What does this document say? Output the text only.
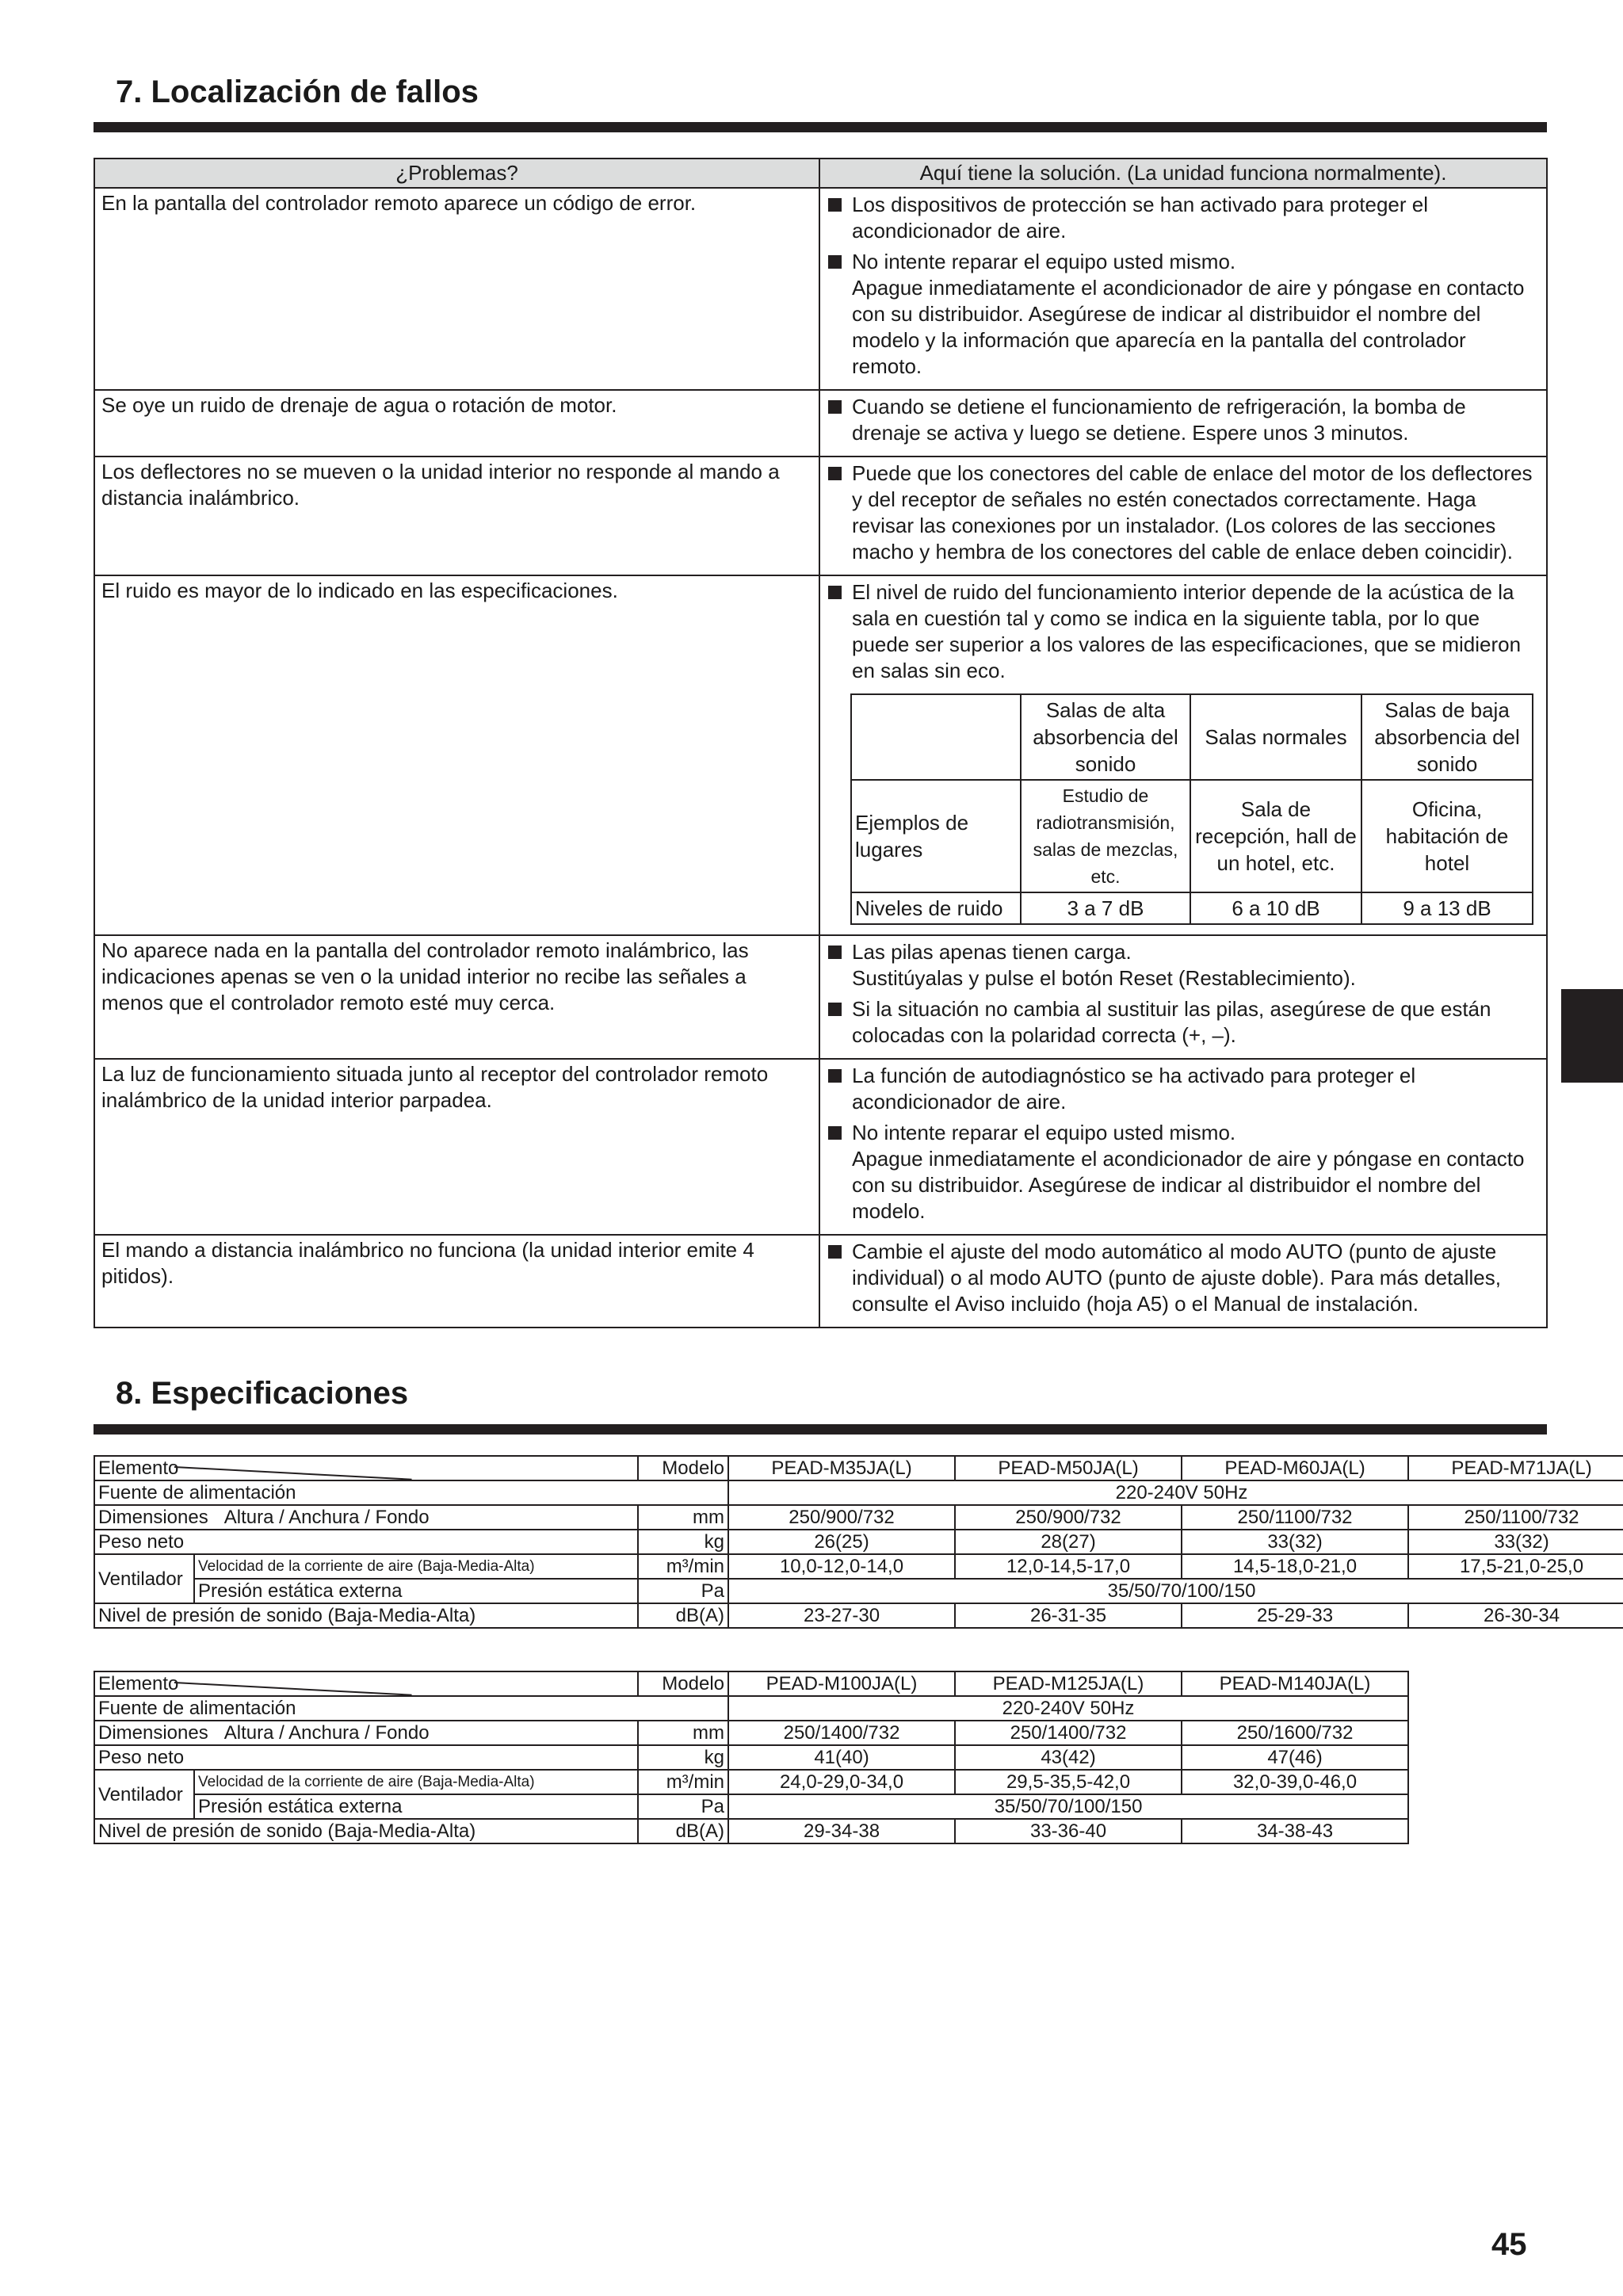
7. Localización de fallos
¿Problemas?	Aquí tiene la solución. (La unidad funciona normalmente).
En la pantalla del controlador remoto aparece un código de error.	Los dispositivos de protección se han activado para proteger el acondicionador de aire.
No intente reparar el equipo usted mismo.
Apague inmediatamente el acondicionador de aire y póngase en contacto con su distribuidor. Asegúrese de indicar al distribuidor el nombre del modelo y la información que aparecía en la pantalla del controlador remoto.

Se oye un ruido de drenaje de agua o rotación de motor.	Cuando se detiene el funcionamiento de refrigeración, la bomba de drenaje se activa y luego se detiene. Espere unos 3 minutos.

Los deflectores no se mueven o la unidad interior no responde al mando a distancia inalámbrico.	
Puede que los conectores del cable de enlace del motor de los deflectores y del receptor de señales no estén conectados correctamente. Haga revisar las conexiones por un instalador. (Los colores de las secciones macho y hembra de los conectores del cable de enlace deben coincidir).

El ruido es mayor de lo indicado en las especificaciones.	El nivel de ruido del funcionamiento interior depende de la acústica de la sala en cuestión tal y como se indica en la siguiente tabla, por lo que puede ser superior a los valores de las especificaciones, que se midieron en salas sin eco.
	Salas de alta absorbencia del sonido	Salas normales	Salas de baja absorbencia del sonido
Ejemplos de lugares	Estudio de radiotransmisión, salas de mezclas, etc.	Sala de recepción, hall de un hotel, etc.	Oficina, habitación de hotel
Niveles de ruido	3 a 7 dB	6 a 10 dB	9 a 13 dB

No aparece nada en la pantalla del controlador remoto inalámbrico, las indicaciones apenas se ven o la unidad interior no recibe las señales a menos que el controlador remoto esté muy cerca.	
Las pilas apenas tienen carga.
Sustitúyalas y pulse el botón Reset (Restablecimiento).
Si la situación no cambia al sustituir las pilas, asegúrese de que están colocadas con la polaridad correcta (+, –).

La luz de funcionamiento situada junto al receptor del controlador remoto inalámbrico de la unidad interior parpadea.	
La función de autodiagnóstico se ha activado para proteger el acondicionador de aire.
No intente reparar el equipo usted mismo.
Apague inmediatamente el acondicionador de aire y póngase en contacto con su distribuidor. Asegúrese de indicar al distribuidor el nombre del modelo.

El mando a distancia inalámbrico no funciona (la unidad interior emite 4 pitidos).	
Cambie el ajuste del modo automático al modo AUTO (punto de ajuste individual) o al modo AUTO (punto de ajuste doble). Para más detalles, consulte el Aviso incluido (hoja A5) o el Manual de instalación.
8. Especificaciones
Elemento		Modelo	PEAD-M35JA(L)	PEAD-M50JA(L)	PEAD-M60JA(L)	PEAD-M71JA(L)
Fuente de alimentación			220-240V 50Hz			
Dimensiones Altura / Anchura / Fondo		mm	250/900/732	250/900/732	250/1100/732	250/1100/732
Peso neto		kg	26(25)	28(27)	33(32)	33(32)
Ventilador	Velocidad de la corriente de aire (Baja-Media-Alta)	m³/min	10,0-12,0-14,0	12,0-14,5-17,0	14,5-18,0-21,0	17,5-21,0-25,0
	Presión estática externa	Pa	35/50/70/100/150			
Nivel de presión de sonido (Baja-Media-Alta)		dB(A)	23-27-30	26-31-35	25-29-33	26-30-34
Elemento		Modelo	PEAD-M100JA(L)	PEAD-M125JA(L)	PEAD-M140JA(L)
Fuente de alimentación			220-240V 50Hz		
Dimensiones Altura / Anchura / Fondo		mm	250/1400/732	250/1400/732	250/1600/732
Peso neto		kg	41(40)	43(42)	47(46)
Ventilador	Velocidad de la corriente de aire (Baja-Media-Alta)	m³/min	24,0-29,0-34,0	29,5-35,5-42,0	32,0-39,0-46,0
	Presión estática externa	Pa	35/50/70/100/150		
Nivel de presión de sonido (Baja-Media-Alta)		dB(A)	29-34-38	33-36-40	34-38-43
45
